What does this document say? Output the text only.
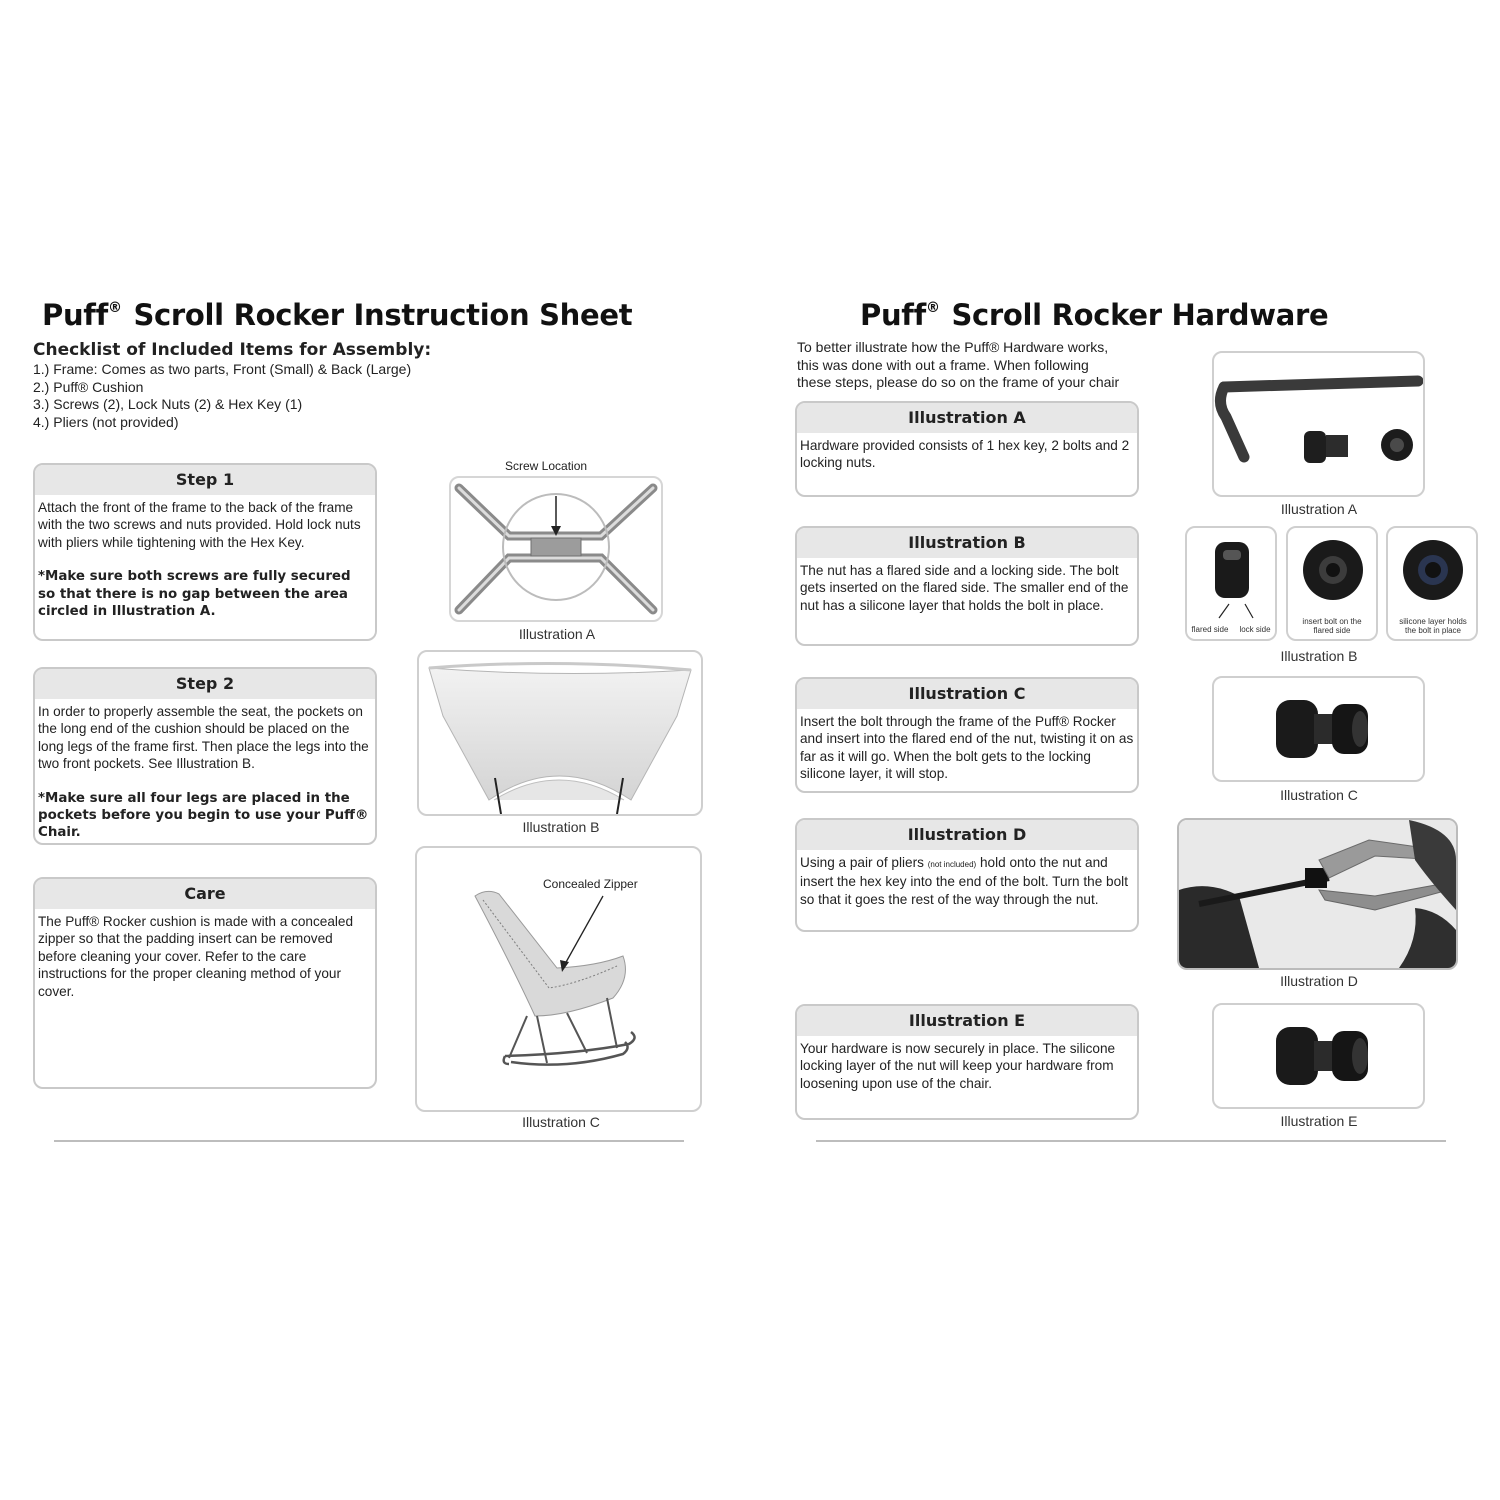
Puff® Scroll Rocker Instruction Sheet
Checklist of Included Items for Assembly:
1.) Frame: Comes as two parts, Front (Small) & Back (Large)
2.) Puff® Cushion
3.) Screws (2), Lock Nuts (2) & Hex Key (1)
4.) Pliers (not provided)
Step 1

Attach the front of the frame to the back of the frame with the two screws and nuts provided. Hold lock nuts with pliers while tightening with the Hex Key.

*Make sure both screws are fully secured so that there is no gap between the area circled in Illustration A.

Step 2

In order to properly assemble the seat, the pockets on the long end of the cushion should be placed on the long legs of the frame first. Then place the legs into the two front pockets. See Illustration B.

*Make sure all four legs are placed in the pockets before you begin to use your Puff® Chair.

Care

The Puff® Rocker cushion is made with a concealed zipper so that the padding insert can be removed before cleaning your cover. Refer to the care instructions for the proper cleaning method of your cover.

Screw Location
Illustration A
Illustration B
Concealed Zipper
Illustration C
Puff® Scroll Rocker Hardware
To better illustrate how the Puff® Hardware works,
this was done with out a frame. When following
these steps, please do so on the frame of your chair
Illustration A

Hardware provided consists of 1 hex key, 2 bolts and 2 locking nuts.

Illustration A
Illustration B

The nut has a flared side and a locking side. The bolt gets inserted on the flared side. The smaller end of the nut has a silicone layer that holds the bolt in place.

flared side	lock side
insert bolt on the flared side
silicone layer holds the bolt in place
Illustration B
Illustration C

Insert the bolt through the frame of the Puff® Rocker and insert into the flared end of the nut, twisting it on as far as it will go. When the bolt gets to the locking silicone layer, it will stop.

Illustration C
Illustration D

Using a pair of pliers (not included) hold onto the nut and insert the hex key into the end of the bolt. Turn the bolt so that it goes the rest of the way through the nut.

Illustration D
Illustration E

Your hardware is now securely in place. The silicone locking layer of the nut will keep your hardware from loosening upon use of the chair.

Illustration E
